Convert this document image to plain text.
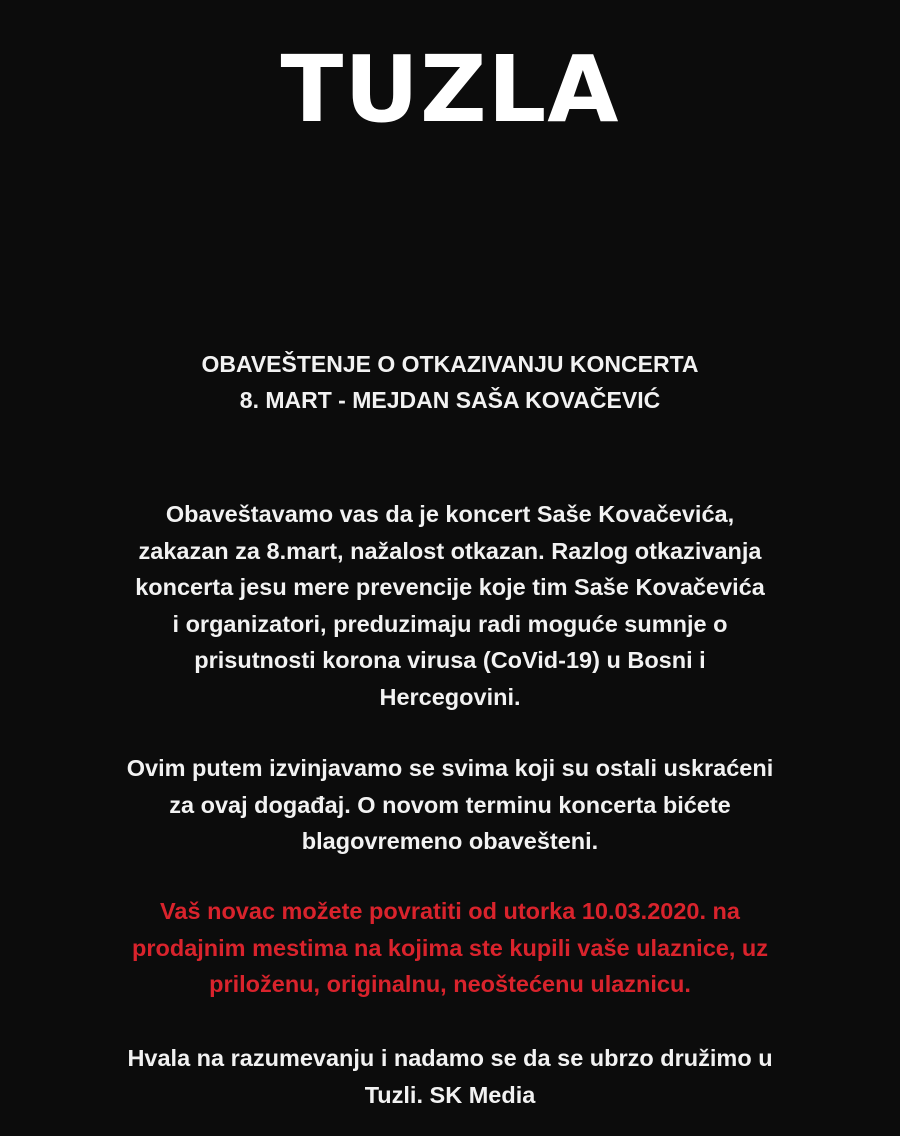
TUZLA
OBAVEŠTENJE O OTKAZIVANJU KONCERTA
8. MART - MEJDAN SAŠA KOVAČEVIĆ
Obaveštavamo vas da je koncert Saše Kovačevića,
zakazan za 8.mart, nažalost otkazan. Razlog otkazivanja
koncerta jesu mere prevencije koje tim Saše Kovačevića
i organizatori, preduzimaju radi moguće sumnje o
prisutnosti korona virusa (CoVid-19) u Bosni i
Hercegovini.
Ovim putem izvinjavamo se svima koji su ostali uskraćeni
za ovaj događaj. O novom terminu koncerta bićete
blagovremeno obavešteni.
Vaš novac možete povratiti od utorka 10.03.2020. na
prodajnim mestima na kojima ste kupili vaše ulaznice, uz
priloženu, originalnu, neoštećenu ulaznicu.
Hvala na razumevanju i nadamo se da se ubrzo družimo u
Tuzli. SK Media
